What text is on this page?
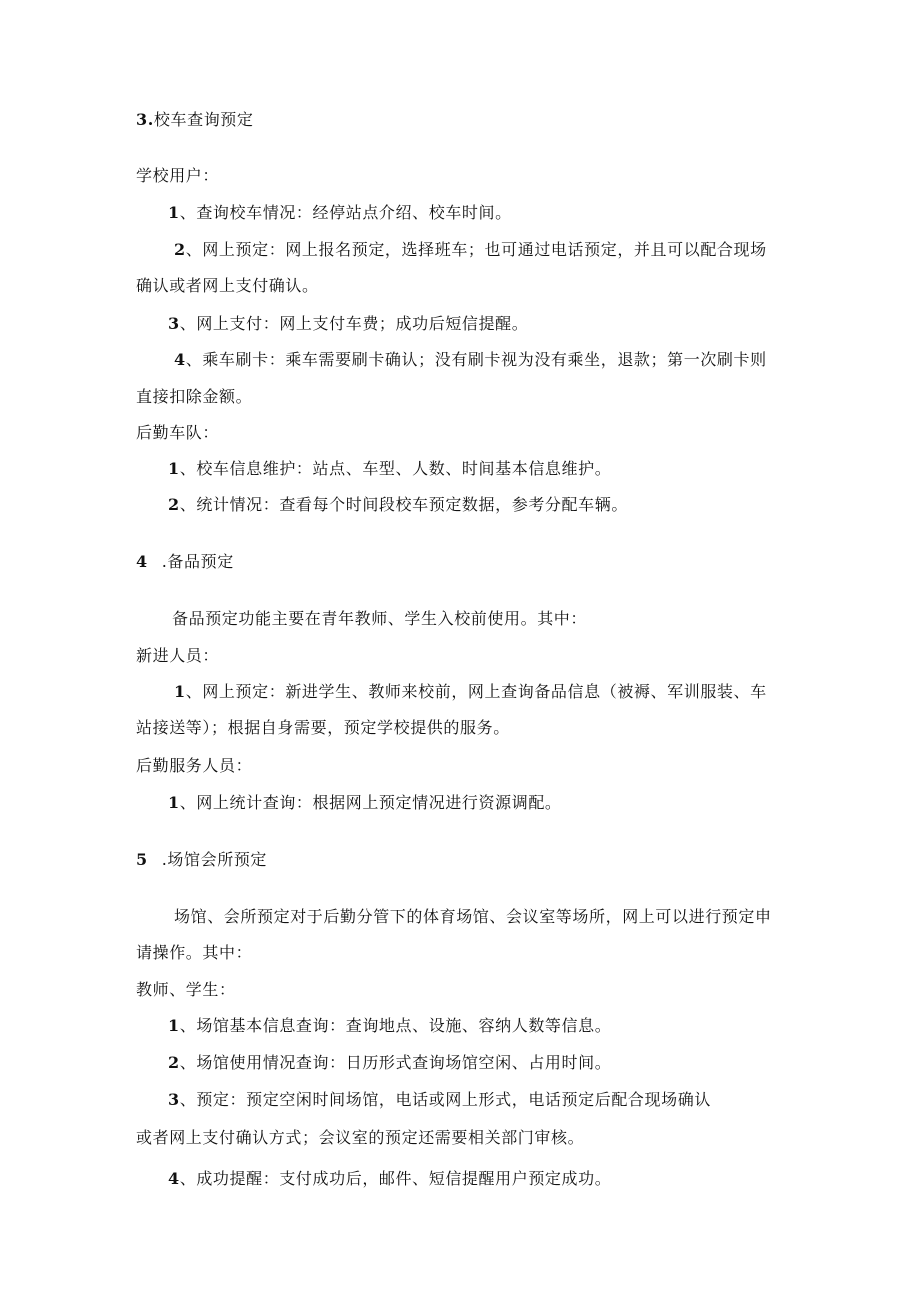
3.校车查询预定
学校用户：
1、查询校车情况：经停站点介绍、校车时间。
2、网上预定：网上报名预定，选择班车；也可通过电话预定，并且可以配合现场
确认或者网上支付确认。
3、网上支付：网上支付车费；成功后短信提醒。
4、乘车刷卡：乘车需要刷卡确认；没有刷卡视为没有乘坐，退款；第一次刷卡则
直接扣除金额。
后勤车队：
1、校车信息维护：站点、车型、人数、时间基本信息维护。
2、统计情况：查看每个时间段校车预定数据，参考分配车辆。
4 .备品预定
备品预定功能主要在青年教师、学生入校前使用。其中：
新进人员：
1、网上预定：新进学生、教师来校前，网上查询备品信息（被褥、军训服装、车
站接送等）；根据自身需要，预定学校提供的服务。
后勤服务人员：
1、网上统计查询：根据网上预定情况进行资源调配。
5 .场馆会所预定
场馆、会所预定对于后勤分管下的体育场馆、会议室等场所，网上可以进行预定申
请操作。其中：
教师、学生：
1、场馆基本信息查询：查询地点、设施、容纳人数等信息。
2、场馆使用情况查询：日历形式查询场馆空闲、占用时间。
3、预定：预定空闲时间场馆，电话或网上形式，电话预定后配合现场确认
或者网上支付确认方式；会议室的预定还需要相关部门审核。
4、成功提醒：支付成功后，邮件、短信提醒用户预定成功。
